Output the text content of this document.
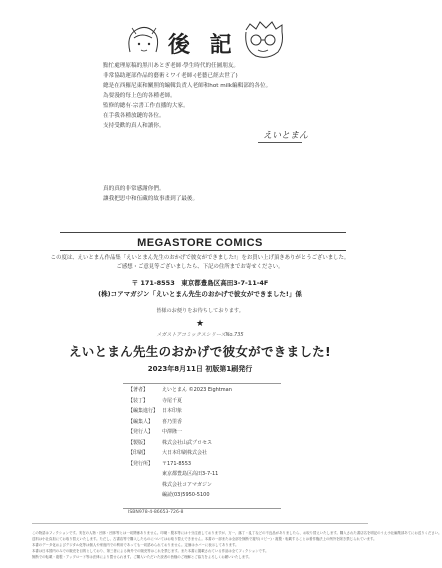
後 記
點忙處理原稿的黑川あとぎ老師·學生時代的任圖朋友。
非常協助運部作品的藝術ミワイ老師·(老藝已經去世了)
總是在西羅尼東和關照的編輯負責人老師和hot milk編輯部的各位。
為要漫的每上色的各種老師。
監修的總有·宗書工作直播的大家。
在手我各種放鏈的各位。
支持受歡的真人和讀你。
えいとまん
真的真的非常感謝你們。
讓我把思中和伍藏的故事畫到了最後。
MEGASTORE COMICS
この度は、えいとまん作品集「えいとまん先生のおかげで彼女ができました!」をお買い上げ頂きありがとうございました。
ご感想・ご意見等ございましたら、下記の住所までお寄せください。
〒 171-8553　東京都豊島区高田3-7-11-4F
(株)コアマガジン「えいとまん先生のおかげで彼女ができました!」係
皆様のお便りをお待ちしております。
★
メガストアコミックスシリーズNo.735
えいとまん先生のおかげで彼女ができました!
2023年8月11日 初版第1刷発行
【著者】	えいとまん ©2023 Eightman
【装丁】	寺尾千夏
【編集進行】 日本印象
【編集人】	喜乃里香
【発行人】	中澤隆一
【製版】	株式会社山武プロセス
【印刷】	大日本印刷株式会社
【発行所】	〒171-8553
東京都豊島区高田3-7-11
株式会社コアマガジン
編読(03)5950-5100
ISBN978-4-86653-726-8
この物語はフィクションです。実在の人物・団体・団体等とは一切関係ありません。印刷・製本等には十分注意しておりますが、万一、落丁・乱丁などの不良品がありましたら、お取り替えいたします。購入された書店名を明記のうえ小社編集部あてにお送りください。
送料は小社負担にてお取り替えいたします。ただし、古書店等で購入したものについてはお取り替えできません。本書の一部または全部を無断で複写(コピー)・複製・転載することは著作権法上の例外を除き禁じられています。
本書のデータ化およびデジタル化等は個人や家庭内での利用であっても一切認められておりません。定価はカバーに表示してあります。
本書は日本国内のみでの販売を目的としており、第三者による海外での販売等はこれを禁じます。また本書に掲載されている作品は全てフィクションです。
無断での転載・複製・アップロード等は法律により罰せられます。ご購入いただいた読者の皆様のご理解とご協力をよろしくお願いいたします。
